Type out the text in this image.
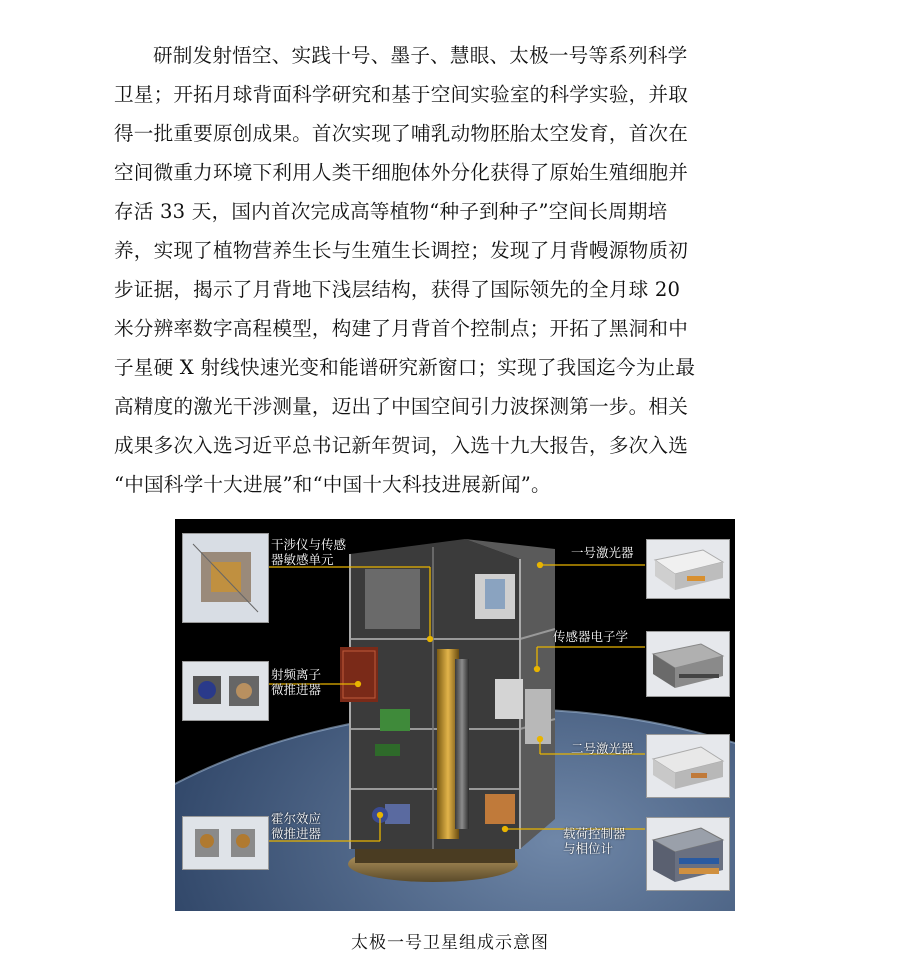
研制发射悟空、实践十号、墨子、慧眼、太极一号等系列科学
卫星；开拓月球背面科学研究和基于空间实验室的科学实验，并取
得一批重要原创成果。首次实现了哺乳动物胚胎太空发育，首次在
空间微重力环境下利用人类干细胞体外分化获得了原始生殖细胞并
存活 33 天，国内首次完成高等植物“种子到种子”空间长周期培
养，实现了植物营养生长与生殖生长调控；发现了月背幔源物质初
步证据，揭示了月背地下浅层结构，获得了国际领先的全月球 20
米分辨率数字高程模型，构建了月背首个控制点；开拓了黑洞和中
子星硬 X 射线快速光变和能谱研究新窗口；实现了我国迄今为止最
高精度的激光干涉测量，迈出了中国空间引力波探测第一步。相关
成果多次入选习近平总书记新年贺词，入选十九大报告，多次入选
“中国科学十大进展”和“中国十大科技进展新闻”。
干涉仪与传感
器敏感单元
射频离子
微推进器
霍尔效应
微推进器
一号激光器
传感器电子学
二号激光器
载荷控制器
与相位计
太极一号卫星组成示意图
